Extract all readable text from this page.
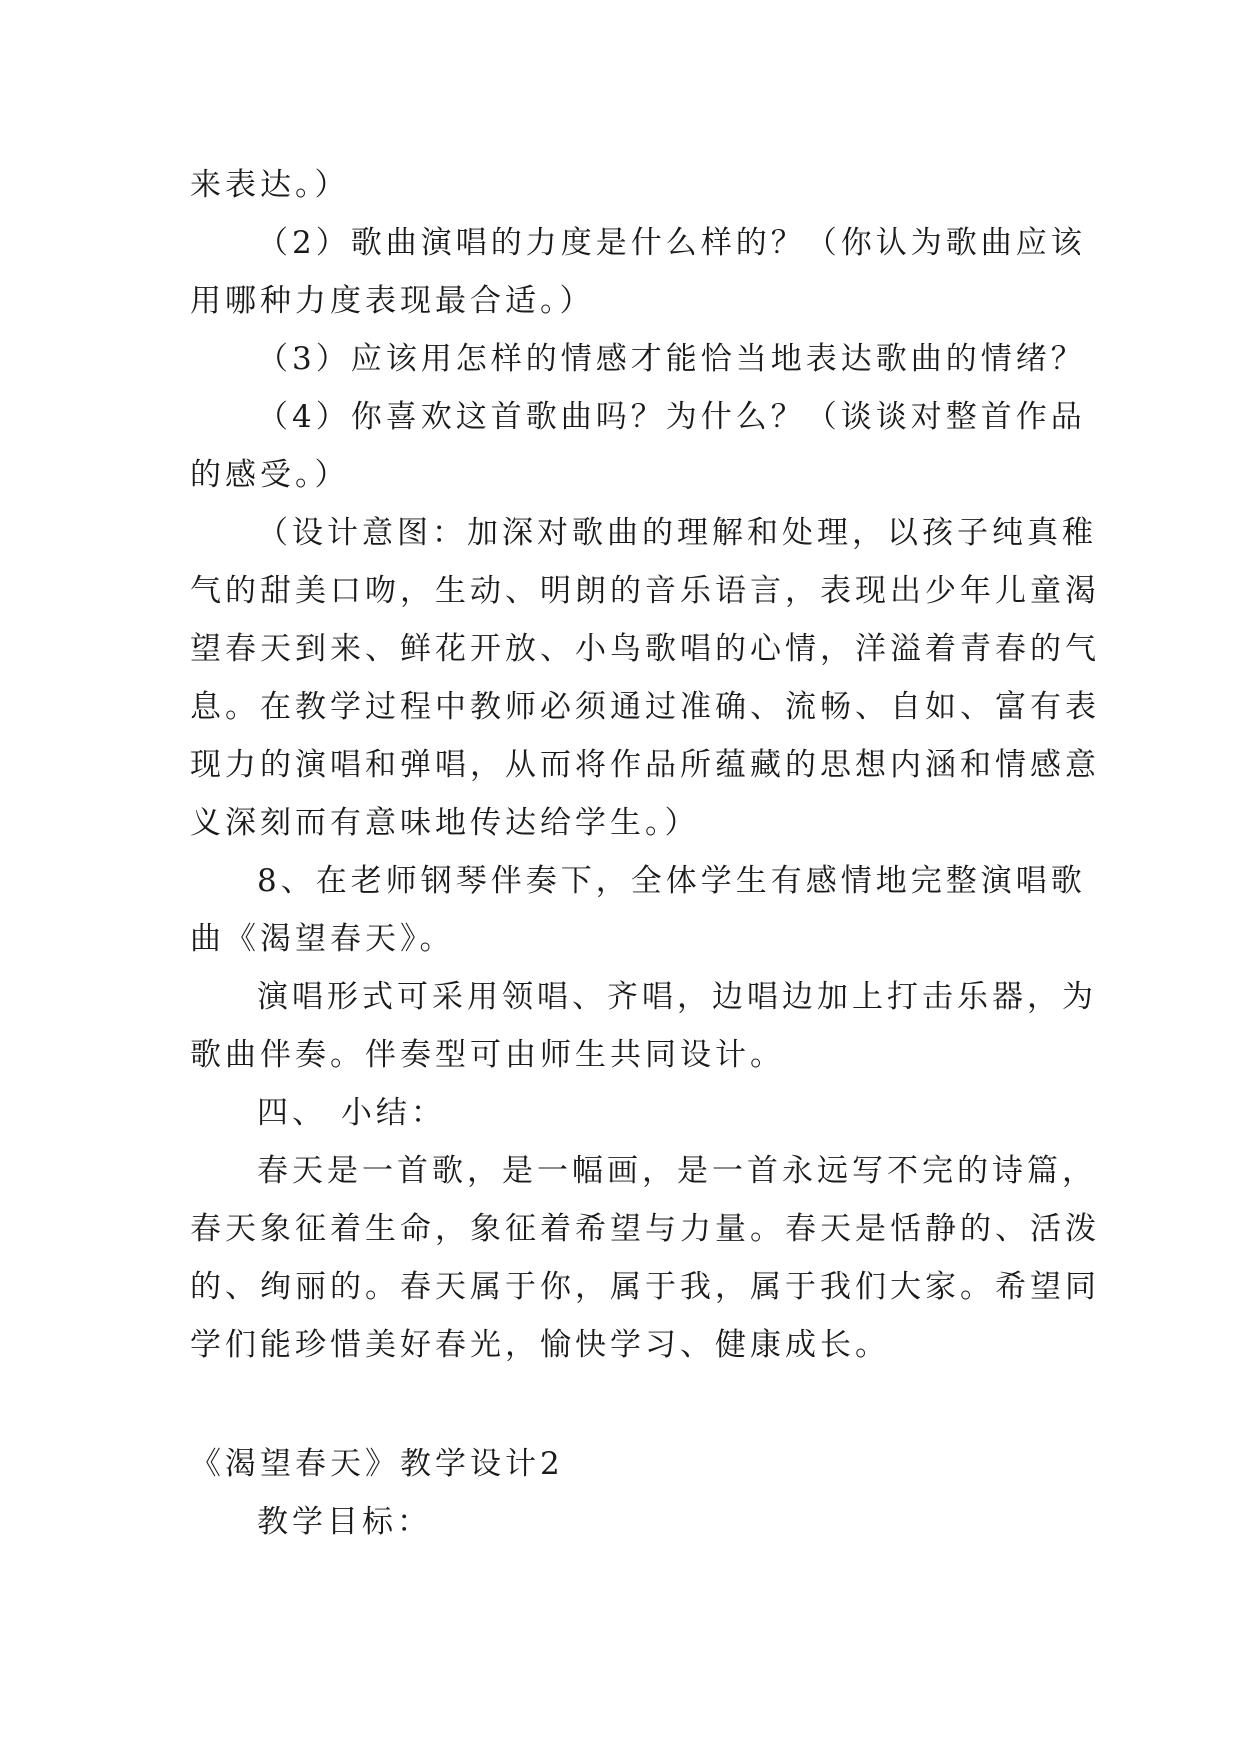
来表达。）
（2）歌曲演唱的力度是什么样的？（你认为歌曲应该
用哪种力度表现最合适。）
（3）应该用怎样的情感才能恰当地表达歌曲的情绪？
（4）你喜欢这首歌曲吗？为什么？（谈谈对整首作品
的感受。）
（设计意图：加深对歌曲的理解和处理，以孩子纯真稚
气的甜美口吻，生动、明朗的音乐语言，表现出少年儿童渴
望春天到来、鲜花开放、小鸟歌唱的心情，洋溢着青春的气
息。在教学过程中教师必须通过准确、流畅、自如、富有表
现力的演唱和弹唱，从而将作品所蕴藏的思想内涵和情感意
义深刻而有意味地传达给学生。）
8、在老师钢琴伴奏下，全体学生有感情地完整演唱歌
曲《渴望春天》。
演唱形式可采用领唱、齐唱，边唱边加上打击乐器，为
歌曲伴奏。伴奏型可由师生共同设计。
四、 小结：
春天是一首歌，是一幅画，是一首永远写不完的诗篇，
春天象征着生命，象征着希望与力量。春天是恬静的、活泼
的、绚丽的。春天属于你，属于我，属于我们大家。希望同
学们能珍惜美好春光，愉快学习、健康成长。
《渴望春天》教学设计2
教学目标：
